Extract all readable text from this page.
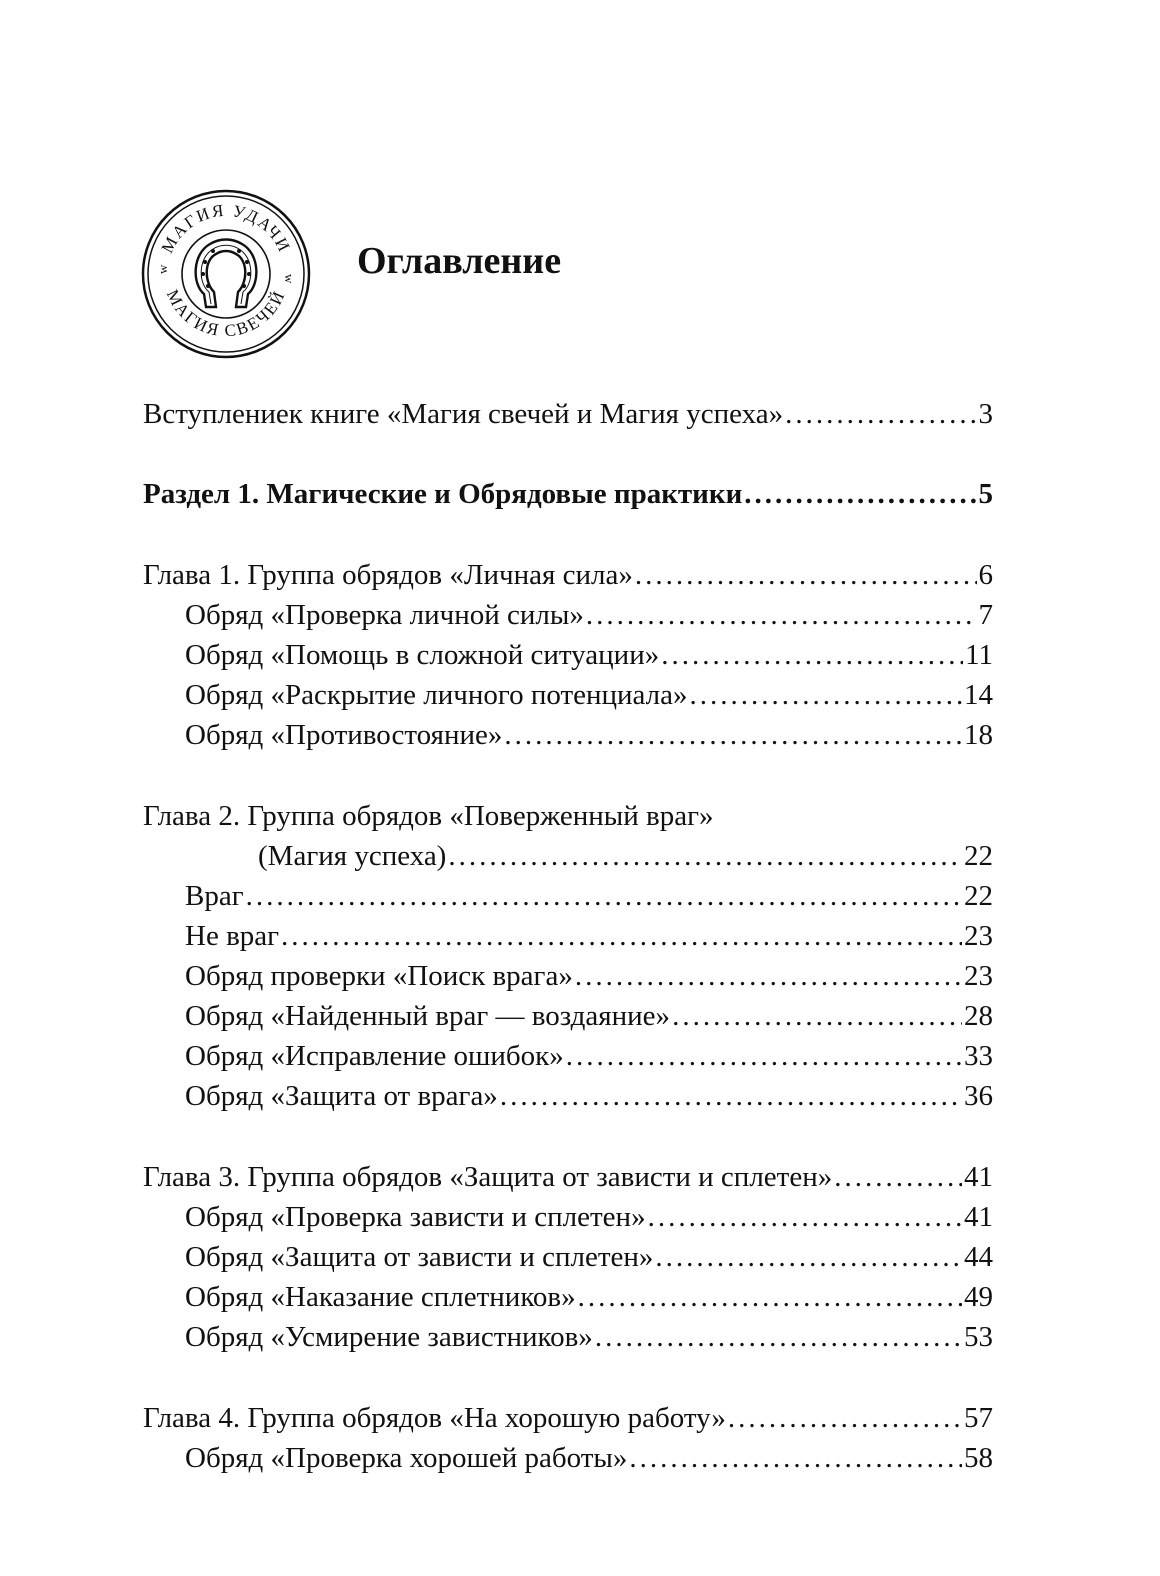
МАГИЯ УДАЧИ
МАГИЯ СВЕЧЕЙ
w
w Оглавление
Вступлениек книге «Магия свечей и Магия успеха» .....	3
Раздел 1. Магические и Обрядовые практики .....	5
Глава 1. Группа обрядов «Личная сила» .....	6
Обряд «Проверка личной силы» .....	7
Обряд «Помощь в сложной ситуации» .....	11
Обряд «Раскрытие личного потенциала» .....	14
Обряд «Противостояние» .....	18
Глава 2. Группа обрядов «Поверженный враг»
(Магия успеха) .....	22
Враг .....	22
Не враг .....	23
Обряд проверки «Поиск врага» .....	23
Обряд «Найденный враг — воздаяние» .....	28
Обряд «Исправление ошибок» .....	33
Обряд «Защита от врага» .....	36
Глава 3. Группа обрядов «Защита от зависти и сплетен» .....	41
Обряд «Проверка зависти и сплетен» .....	41
Обряд «Защита от зависти и сплетен» .....	44
Обряд «Наказание сплетников» .....	49
Обряд «Усмирение завистников» .....	53
Глава 4. Группа обрядов «На хорошую работу» .....	57
Обряд «Проверка хорошей работы» .....	58
